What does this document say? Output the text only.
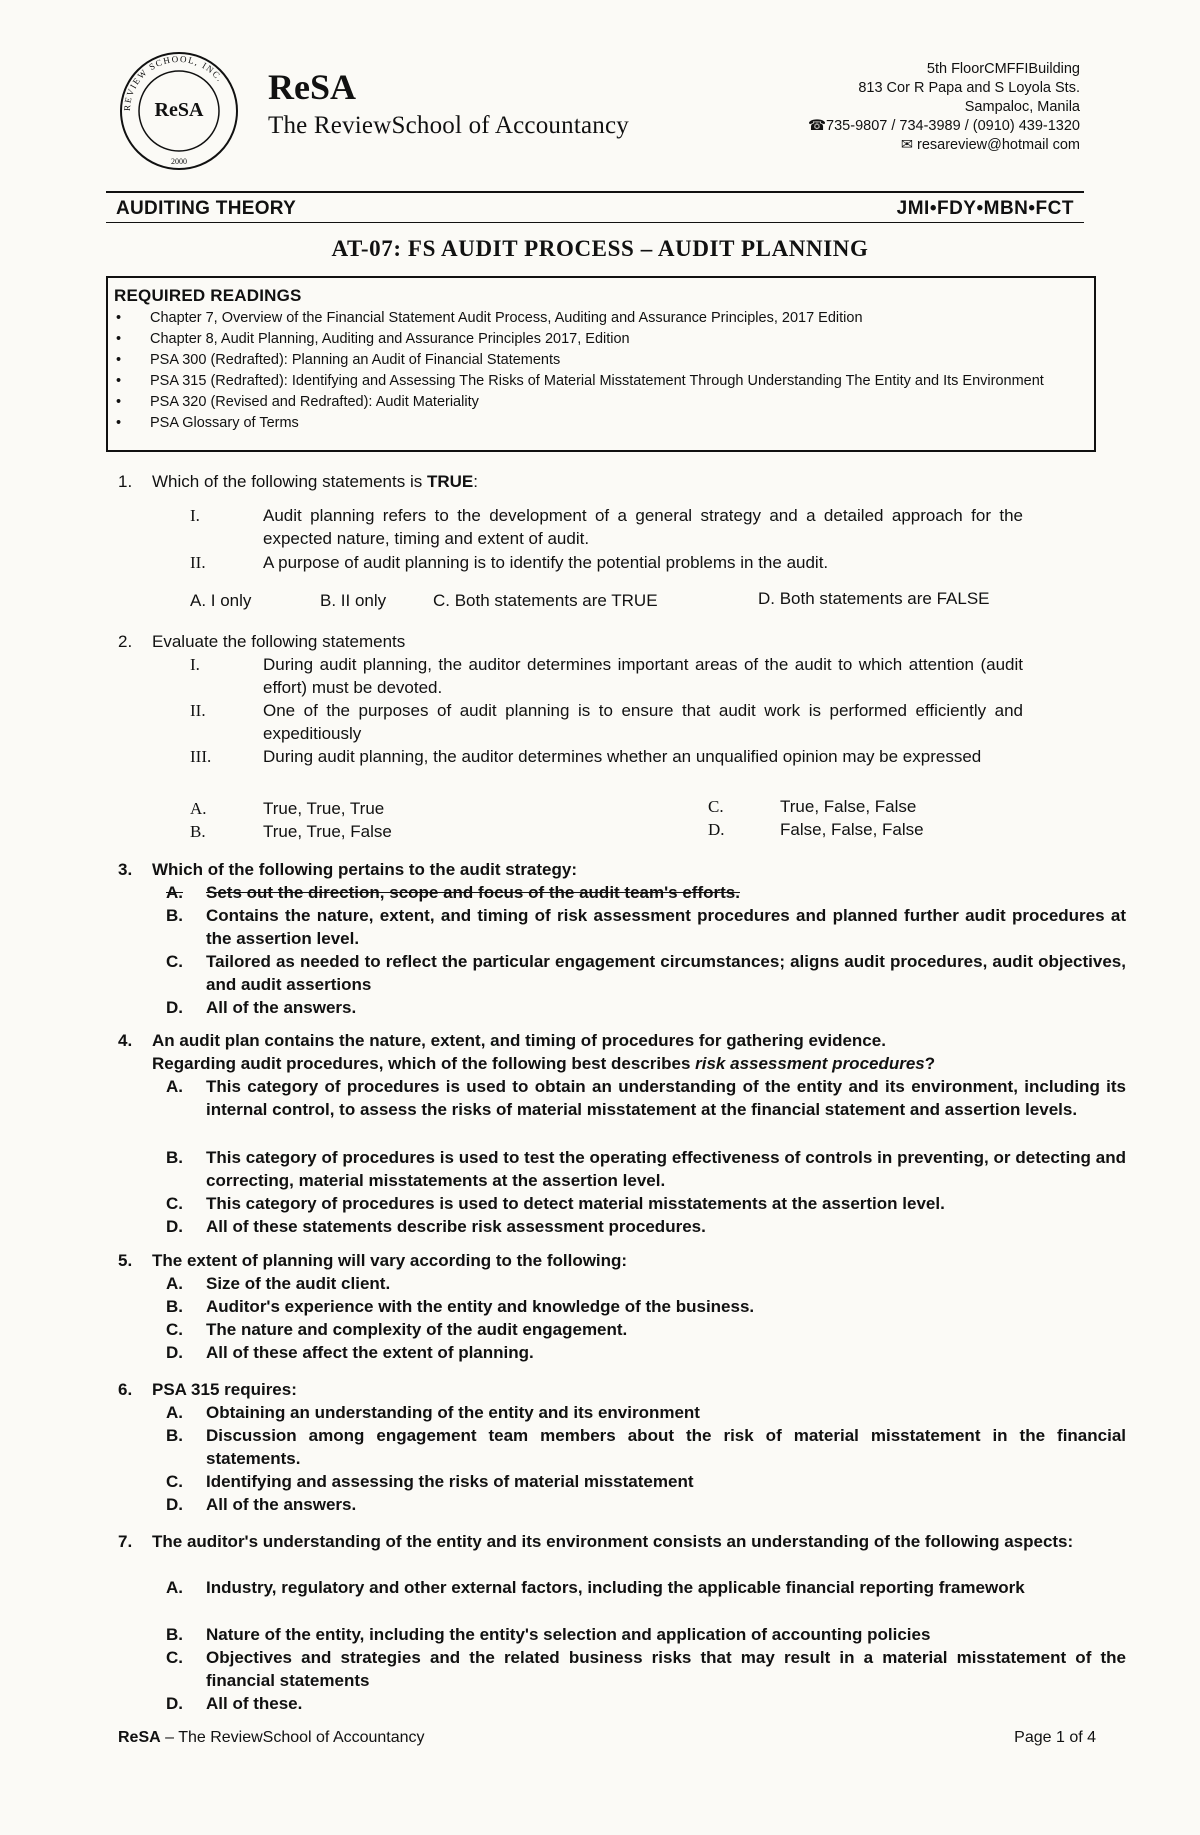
REVIEW SCHOOL, INC.
ReSA
2000
ReSA
The ReviewSchool of Accountancy
5th FloorCMFFIBuilding
813 Cor R Papa and S Loyola Sts.
Sampaloc, Manila
☎735-9807 / 734-3989 / (0910) 439-1320
✉ resareview@hotmail com
AUDITING THEORY	JMI•FDY•MBN•FCT
AT-07: FS AUDIT PROCESS – AUDIT PLANNING
REQUIRED READINGS
• Chapter 7, Overview of the Financial Statement Audit Process, Auditing and Assurance Principles, 2017 Edition
• Chapter 8, Audit Planning, Auditing and Assurance Principles 2017, Edition
• PSA 300 (Redrafted): Planning an Audit of Financial Statements
• PSA 315 (Redrafted): Identifying and Assessing The Risks of Material Misstatement Through Understanding The Entity and Its Environment
• PSA 320 (Revised and Redrafted): Audit Materiality
• PSA Glossary of Terms
1. Which of the following statements is TRUE:
I.	Audit planning refers to the development of a general strategy and a detailed approach for the expected nature, timing and extent of audit.
II.	A purpose of audit planning is to identify the potential problems in the audit.
A. I only	B. II only	C. Both statements are TRUE	D. Both statements are FALSE
2. Evaluate the following statements
I.	During audit planning, the auditor determines important areas of the audit to which attention (audit effort) must be devoted.
II.	One of the purposes of audit planning is to ensure that audit work is performed efficiently and expeditiously
III.	During audit planning, the auditor determines whether an unqualified opinion may be expressed
A.	True, True, True
B.	True, True, False
C.	True, False, False
D.	False, False, False
3. Which of the following pertains to the audit strategy:
A. Sets out the direction, scope and focus of the audit team's efforts.
B. Contains the nature, extent, and timing of risk assessment procedures and planned further audit procedures at the assertion level.
C. Tailored as needed to reflect the particular engagement circumstances; aligns audit procedures, audit objectives, and audit assertions
D. All of the answers.
4. An audit plan contains the nature, extent, and timing of procedures for gathering evidence.
Regarding audit procedures, which of the following best describes risk assessment procedures?
A. This category of procedures is used to obtain an understanding of the entity and its environment, including its internal control, to assess the risks of material misstatement at the financial statement and assertion levels.
B. This category of procedures is used to test the operating effectiveness of controls in preventing, or detecting and correcting, material misstatements at the assertion level.
C. This category of procedures is used to detect material misstatements at the assertion level.
D. All of these statements describe risk assessment procedures.
5. The extent of planning will vary according to the following:
A. Size of the audit client.
B. Auditor's experience with the entity and knowledge of the business.
C. The nature and complexity of the audit engagement.
D. All of these affect the extent of planning.
6. PSA 315 requires:
A. Obtaining an understanding of the entity and its environment
B. Discussion among engagement team members about the risk of material misstatement in the financial statements.
C. Identifying and assessing the risks of material misstatement
D. All of the answers.
7. The auditor's understanding of the entity and its environment consists an understanding of the following aspects:
A. Industry, regulatory and other external factors, including the applicable financial reporting framework
B. Nature of the entity, including the entity's selection and application of accounting policies
C. Objectives and strategies and the related business risks that may result in a material misstatement of the financial statements
D. All of these.
ReSA – The ReviewSchool of Accountancy	Page 1 of 4
